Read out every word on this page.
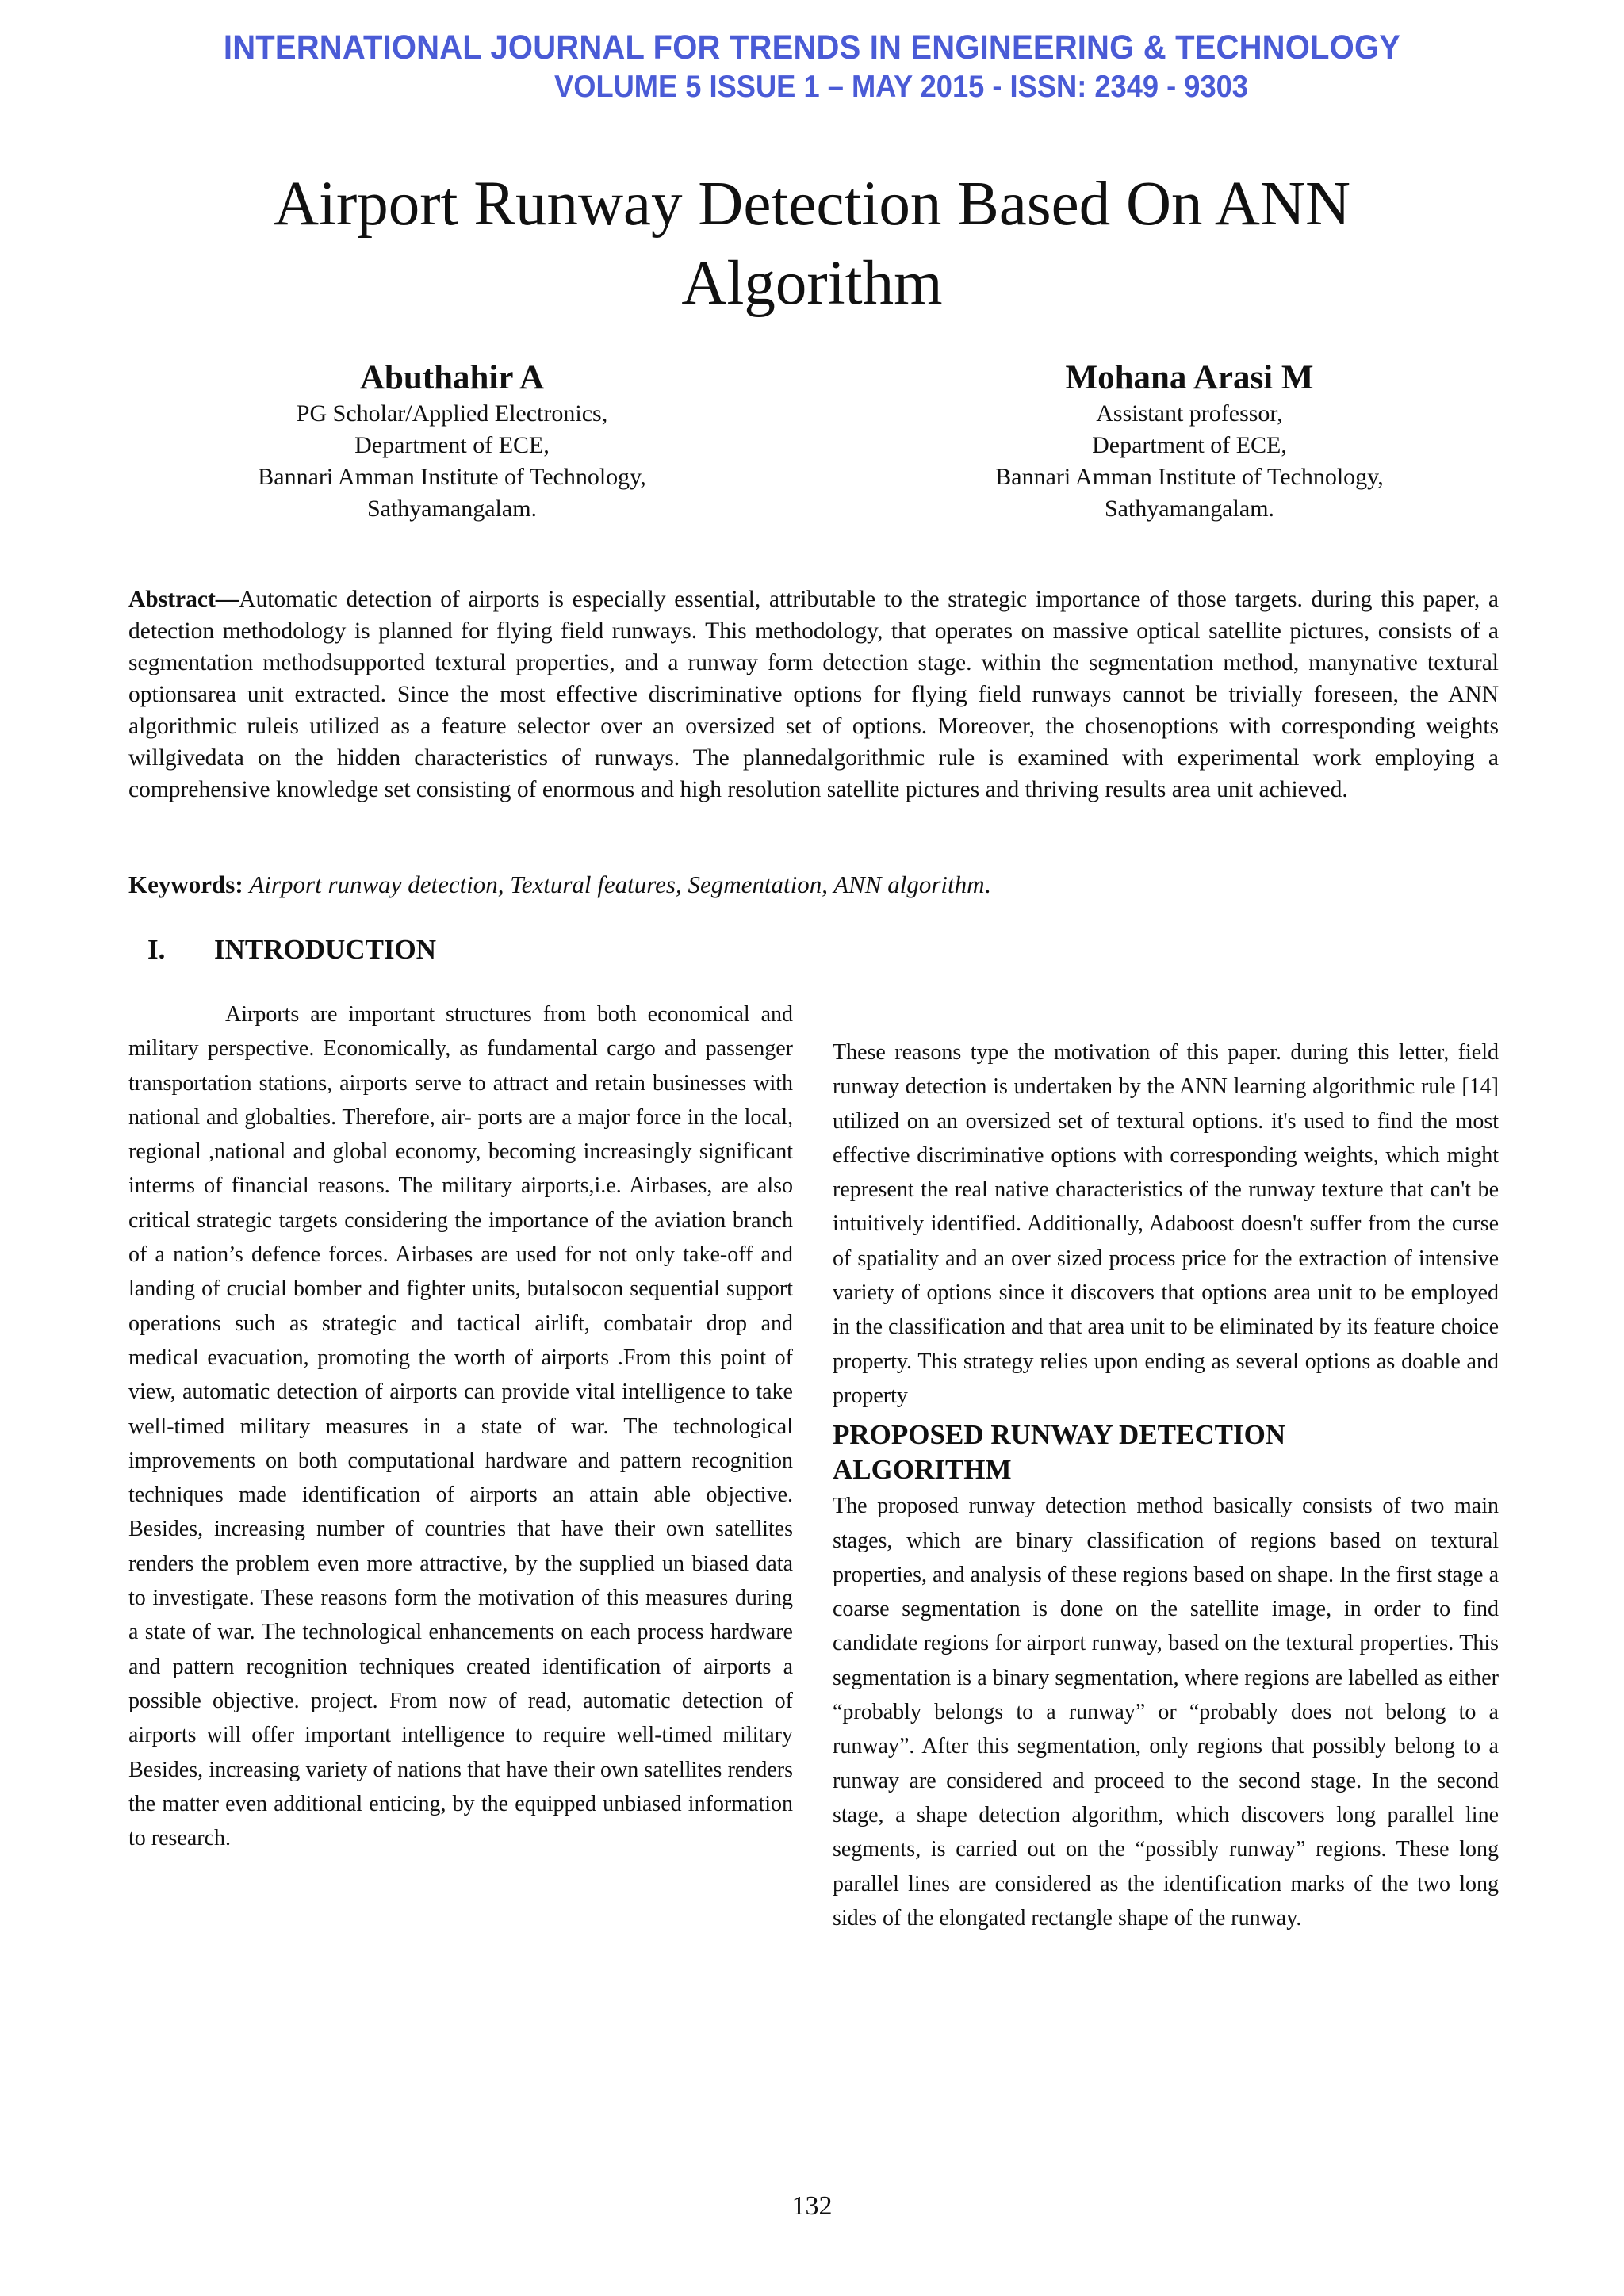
INTERNATIONAL JOURNAL FOR TRENDS IN ENGINEERING & TECHNOLOGY
VOLUME 5 ISSUE 1 – MAY 2015 - ISSN: 2349 - 9303
Airport Runway Detection Based On ANN
Algorithm
Abuthahir A
PG Scholar/Applied Electronics,
Department of ECE,
Bannari Amman Institute of Technology,
Sathyamangalam.
Mohana Arasi M
Assistant professor,
Department of ECE,
Bannari Amman Institute of Technology,
Sathyamangalam.
Abstract—Automatic detection of airports is especially essential, attributable to the strategic importance of those targets. during this paper, a detection methodology is planned for flying field runways. This methodology, that operates on massive optical satellite pictures, consists of a segmentation methodsupported textural properties, and a runway form detection stage. within the segmentation method, manynative textural optionsarea unit extracted. Since the most effective discriminative options for flying field runways cannot be trivially foreseen, the ANN algorithmic ruleis utilized as a feature selector over an oversized set of options. Moreover, the chosenoptions with corresponding weights willgivedata on the hidden characteristics of runways. The plannedalgorithmic rule is examined with experimental work employing a comprehensive knowledge set consisting of enormous and high resolution satellite pictures and thriving results area unit achieved.
Keywords: Airport runway detection, Textural features, Segmentation, ANN algorithm.
I. INTRODUCTION

Airports are important structures from both economical and military perspective. Economically, as fundamental cargo and passenger transportation stations, airports serve to attract and retain businesses with national and globalties. Therefore, air- ports are a major force in the local, regional ,national and global economy, becoming increasingly significant interms of financial reasons. The military airports,i.e. Airbases, are also critical strategic targets considering the importance of the aviation branch of a nation’s defence forces. Airbases are used for not only take-off and landing of crucial bomber and fighter units, butalsocon sequential support operations such as strategic and tactical airlift, combatair drop and medical evacuation, promoting the worth of airports .From this point of view, automatic detection of airports can provide vital intelligence to take well-timed military measures in a state of war. The technological improvements on both computational hardware and pattern recognition techniques made identification of airports an attain able objective. Besides, increasing number of countries that have their own satellites renders the problem even more attractive, by the supplied un biased data to investigate. These reasons form the motivation of this measures during a state of war. The technological enhancements on each process hardware and pattern recognition techniques created identification of airports a possible objective. project. From now of read, automatic detection of airports will offer important intelligence to require well-timed military Besides, increasing variety of nations that have their own satellites renders the matter even additional enticing, by the equipped unbiased information to research.

These reasons type the motivation of this paper. during this letter, field runway detection is undertaken by the ANN learning algorithmic rule [14] utilized on an oversized set of textural options. it's used to find the most effective discriminative options with corresponding weights, which might represent the real native characteristics of the runway texture that can't be intuitively identified. Additionally, Adaboost doesn't suffer from the curse of spatiality and an over sized process price for the extraction of intensive variety of options since it discovers that options area unit to be employed in the classification and that area unit to be eliminated by its feature choice property. This strategy relies upon ending as several options as doable and property

PROPOSED RUNWAY DETECTION
ALGORITHM

The proposed runway detection method basically consists of two main stages, which are binary classification of regions based on textural properties, and analysis of these regions based on shape. In the first stage a coarse segmentation is done on the satellite image, in order to find candidate regions for airport runway, based on the textural properties. This segmentation is a binary segmentation, where regions are labelled as either “probably belongs to a runway” or “probably does not belong to a runway”. After this segmentation, only regions that possibly belong to a runway are considered and proceed to the second stage. In the second stage, a shape detection algorithm, which discovers long parallel line segments, is carried out on the “possibly runway” regions. These long parallel lines are considered as the identification marks of the two long sides of the elongated rectangle shape of the runway.

132
